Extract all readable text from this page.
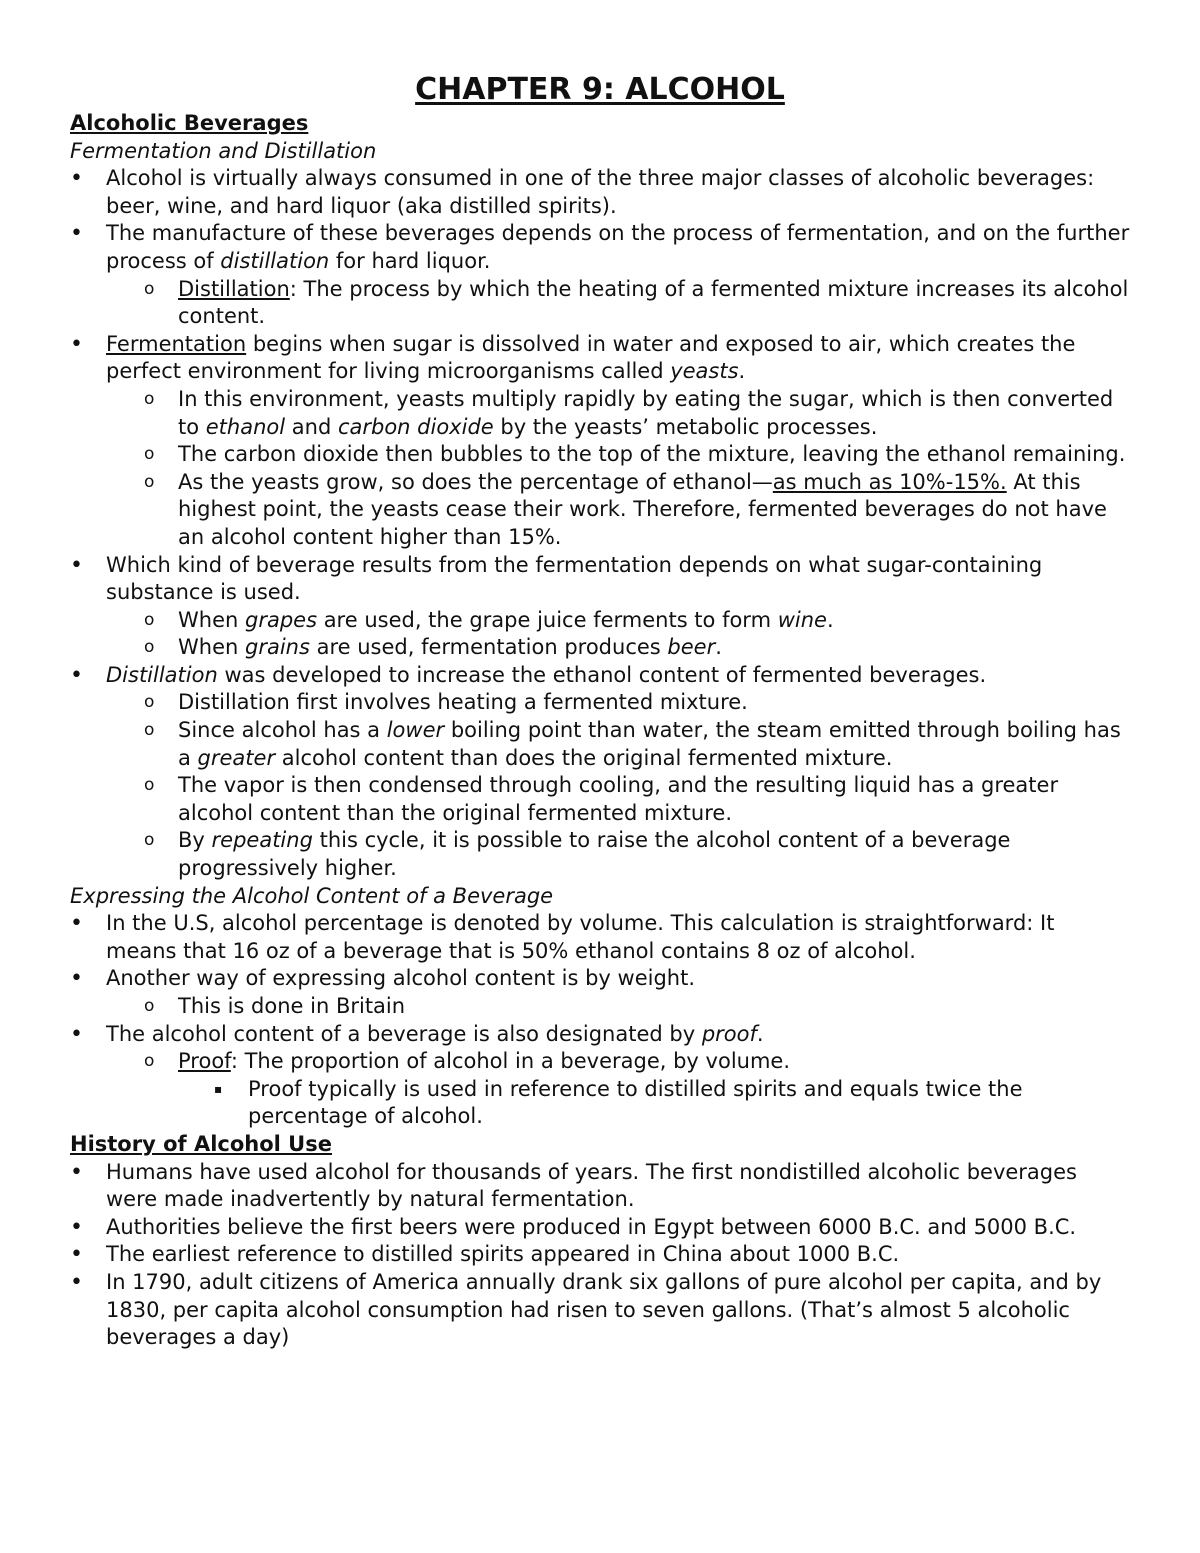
CHAPTER 9: ALCOHOL

Alcoholic Beverages

Fermentation and Distillation

• Alcohol is virtually always consumed in one of the three major classes of alcoholic beverages: beer, wine, and hard liquor (aka distilled spirits).
• The manufacture of these beverages depends on the process of fermentation, and on the further process of distillation for hard liquor.
o Distillation: The process by which the heating of a fermented mixture increases its alcohol content.
• Fermentation begins when sugar is dissolved in water and exposed to air, which creates the perfect environment for living microorganisms called yeasts.
o In this environment, yeasts multiply rapidly by eating the sugar, which is then converted to ethanol and carbon dioxide by the yeasts’ metabolic processes.
o The carbon dioxide then bubbles to the top of the mixture, leaving the ethanol remaining.
o As the yeasts grow, so does the percentage of ethanol—as much as 10%-15%. At this highest point, the yeasts cease their work. Therefore, fermented beverages do not have an alcohol content higher than 15%.
• Which kind of beverage results from the fermentation depends on what sugar-containing substance is used.
o When grapes are used, the grape juice ferments to form wine.
o When grains are used, fermentation produces beer.
• Distillation was developed to increase the ethanol content of fermented beverages.
o Distillation first involves heating a fermented mixture.
o Since alcohol has a lower boiling point than water, the steam emitted through boiling has a greater alcohol content than does the original fermented mixture.
o The vapor is then condensed through cooling, and the resulting liquid has a greater alcohol content than the original fermented mixture.
o By repeating this cycle, it is possible to raise the alcohol content of a beverage progressively higher.

Expressing the Alcohol Content of a Beverage

• In the U.S, alcohol percentage is denoted by volume. This calculation is straightforward: It means that 16 oz of a beverage that is 50% ethanol contains 8 oz of alcohol.
• Another way of expressing alcohol content is by weight.
o This is done in Britain
• The alcohol content of a beverage is also designated by proof.
o Proof: The proportion of alcohol in a beverage, by volume.
▪ Proof typically is used in reference to distilled spirits and equals twice the percentage of alcohol.

History of Alcohol Use

• Humans have used alcohol for thousands of years. The first nondistilled alcoholic beverages were made inadvertently by natural fermentation.
• Authorities believe the first beers were produced in Egypt between 6000 B.C. and 5000 B.C.
• The earliest reference to distilled spirits appeared in China about 1000 B.C.
• In 1790, adult citizens of America annually drank six gallons of pure alcohol per capita, and by 1830, per capita alcohol consumption had risen to seven gallons. (That’s almost 5 alcoholic beverages a day)
